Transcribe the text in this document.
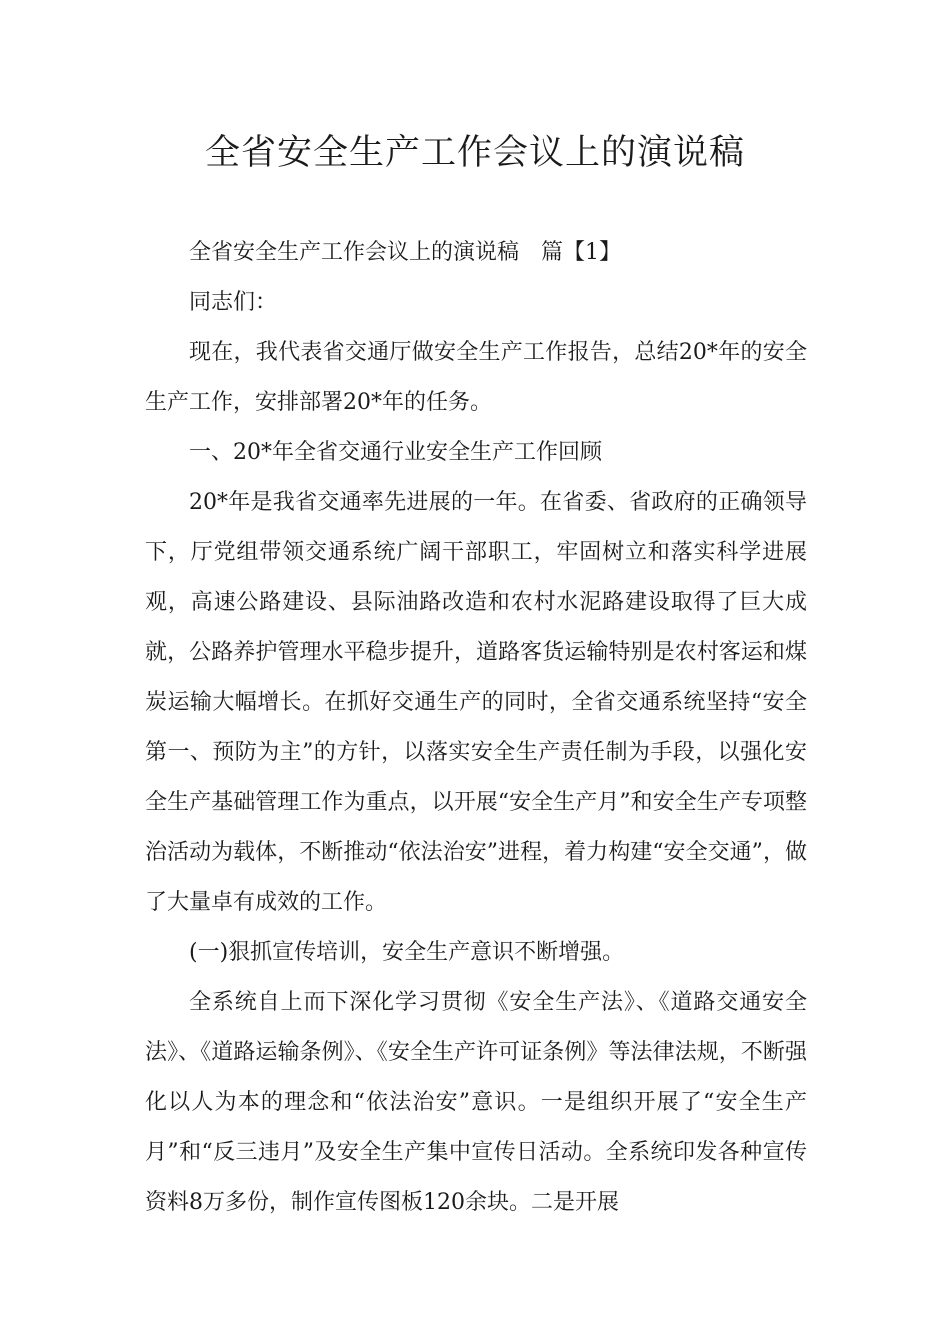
全省安全生产工作会议上的演说稿

全省安全生产工作会议上的演说稿　篇【1】

同志们：

现在，我代表省交通厅做安全生产工作报告，总结20*年的安全生产工作，安排部署20*年的任务。

一、20*年全省交通行业安全生产工作回顾

20*年是我省交通率先进展的一年。在省委、省政府的正确领导下，厅党组带领交通系统广阔干部职工，牢固树立和落实科学进展观，高速公路建设、县际油路改造和农村水泥路建设取得了巨大成就，公路养护管理水平稳步提升，道路客货运输特别是农村客运和煤炭运输大幅增长。在抓好交通生产的同时，全省交通系统坚持“安全第一、预防为主”的方针，以落实安全生产责任制为手段，以强化安全生产基础管理工作为重点，以开展“安全生产月”和安全生产专项整治活动为载体，不断推动“依法治安”进程，着力构建“安全交通”，做了大量卓有成效的工作。

(一)狠抓宣传培训，安全生产意识不断增强。

全系统自上而下深化学习贯彻《安全生产法》、《道路交通安全法》、《道路运输条例》、《安全生产许可证条例》等法律法规，不断强化以人为本的理念和“依法治安”意识。一是组织开展了“安全生产月”和“反三违月”及安全生产集中宣传日活动。全系统印发各种宣传资料8万多份，制作宣传图板120余块。二是开展
